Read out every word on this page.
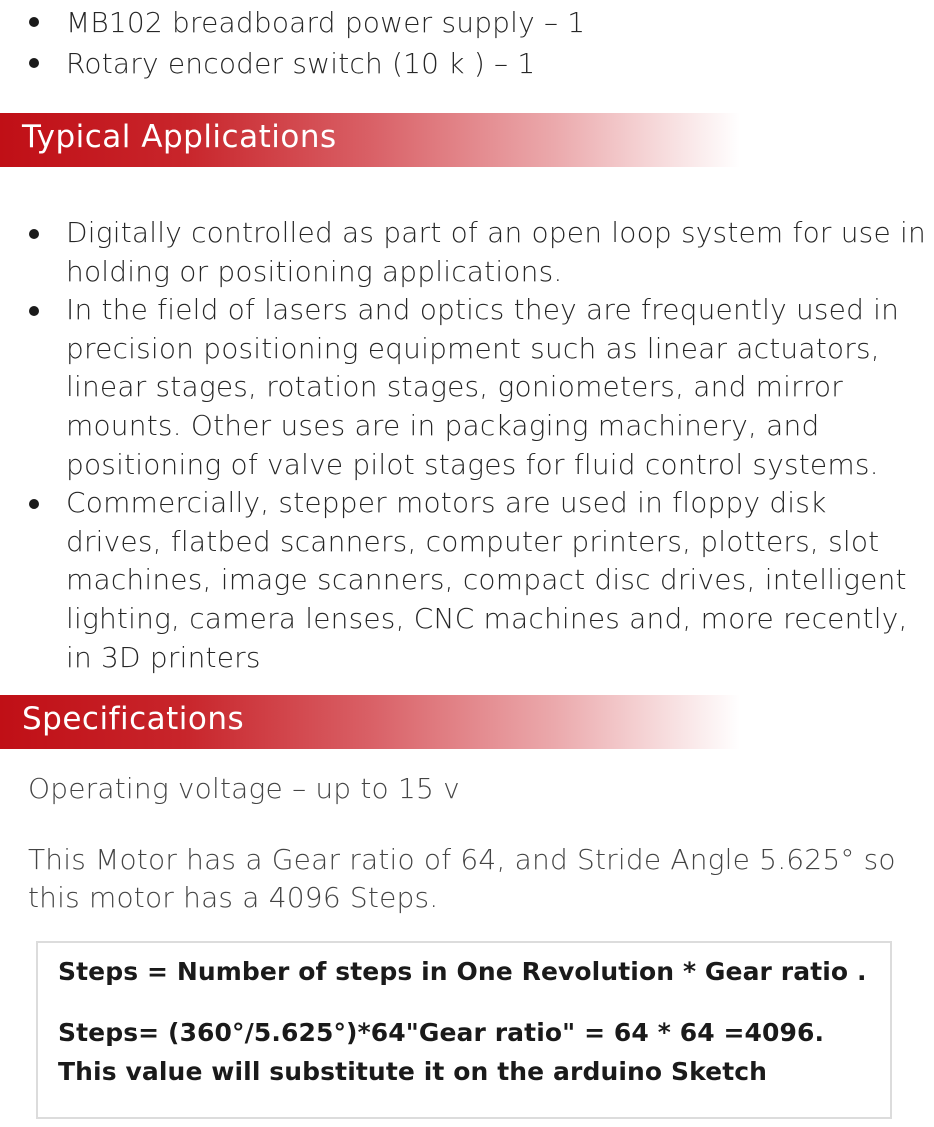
MB102 breadboard power supply – 1
Rotary encoder switch (10 k ) – 1
Typical Applications
Digitally controlled as part of an open loop system for use in holding or positioning applications.
In the field of lasers and optics they are frequently used in precision positioning equipment such as linear actuators, linear stages, rotation stages, goniometers, and mirror mounts. Other uses are in packaging machinery, and positioning of valve pilot stages for fluid control systems.
Commercially, stepper motors are used in floppy disk drives, flatbed scanners, computer printers, plotters, slot machines, image scanners, compact disc drives, intelligent lighting, camera lenses, CNC machines and, more recently, in 3D printers
Specifications

Operating voltage – up to 15 v

This Motor has a Gear ratio of 64, and Stride Angle 5.625° so this motor has a 4096 Steps.

Steps = Number of steps in One Revolution * Gear ratio .

Steps= (360°/5.625°)*64"Gear ratio" = 64 * 64 =4096. This value will substitute it on the arduino Sketch
